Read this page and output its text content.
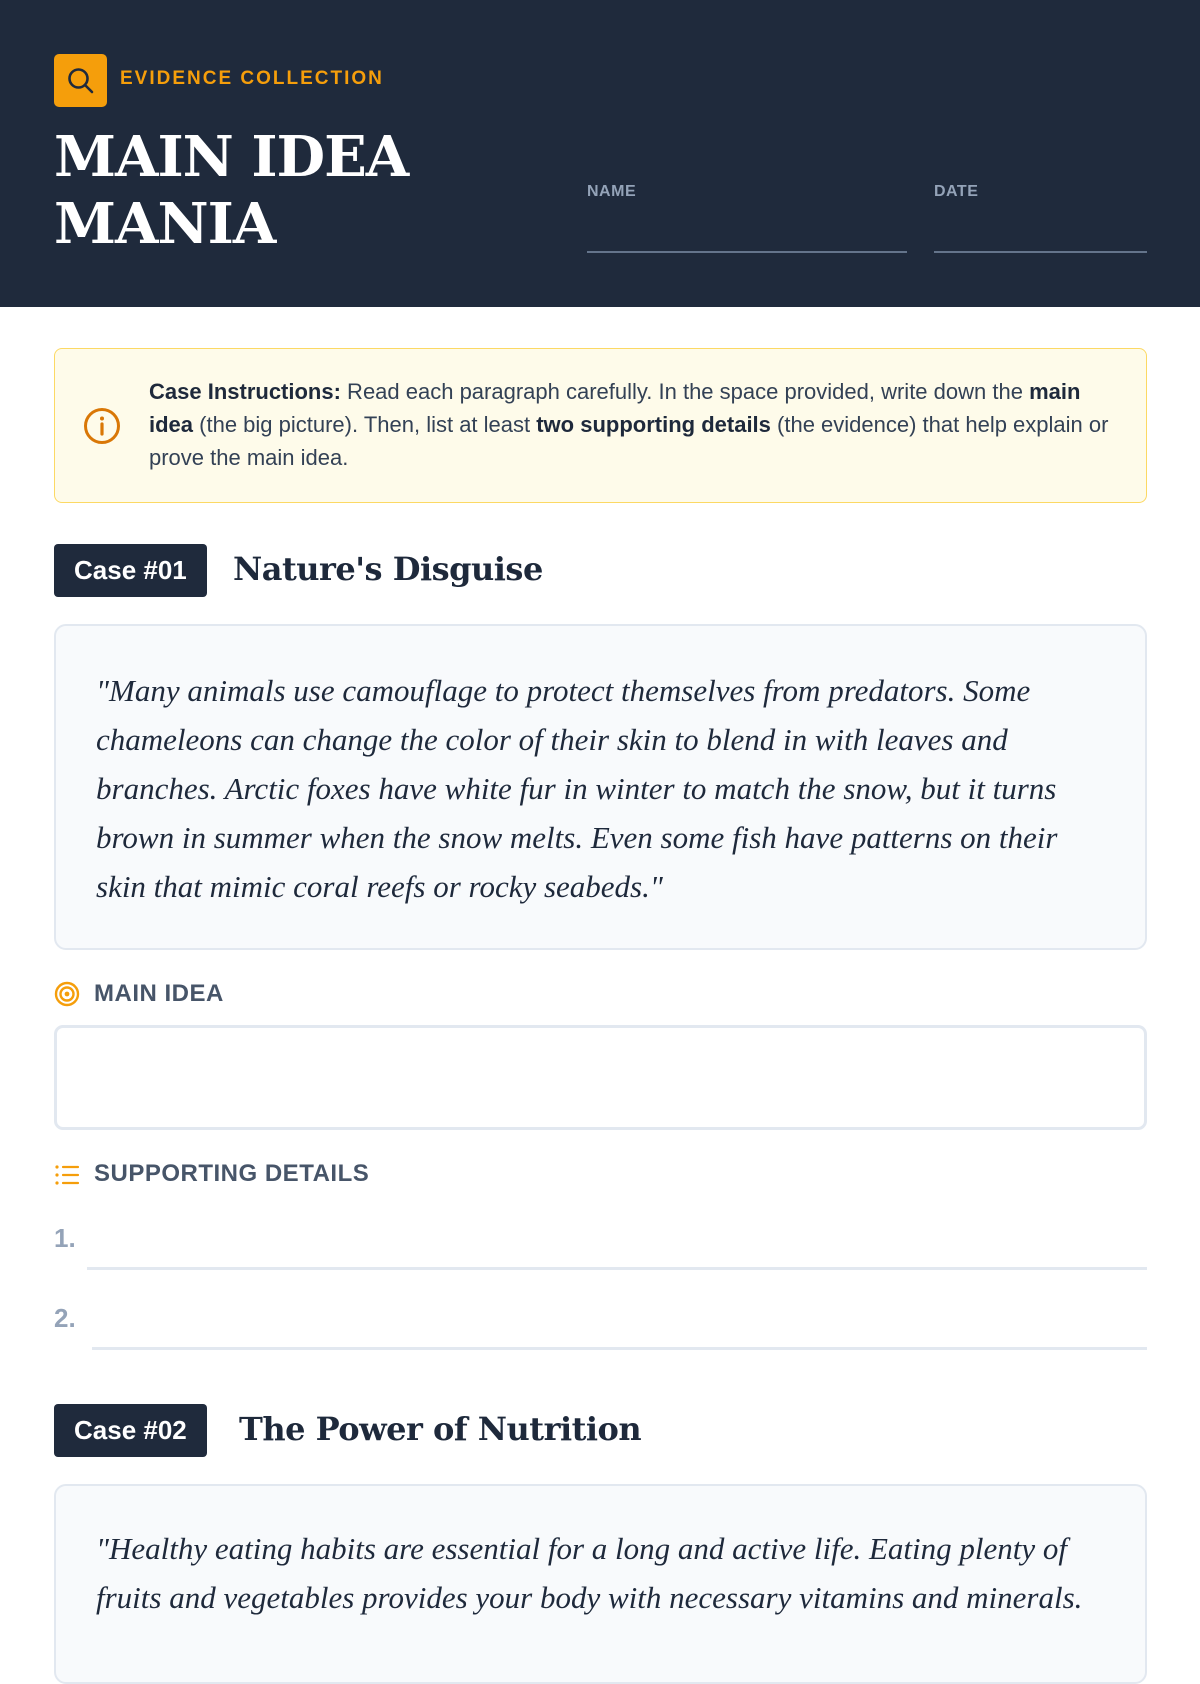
EVIDENCE COLLECTION
MAIN IDEA MANIA	NAME	DATE
Case Instructions: Read each paragraph carefully. In the space provided, write down the main idea (the big picture). Then, list at least two supporting details (the evidence) that help explain or prove the main idea.
Case #01	Nature's Disguise
"Many animals use camouflage to protect themselves from predators. Some chameleons can change the color of their skin to blend in with leaves and branches. Arctic foxes have white fur in winter to match the snow, but it turns brown in summer when the snow melts. Even some fish have patterns on their skin that mimic coral reefs or rocky seabeds."
MAIN IDEA
SUPPORTING DETAILS
1.
2.
Case #02	The Power of Nutrition
"Healthy eating habits are essential for a long and active life. Eating plenty of fruits and vegetables provides your body with necessary vitamins and minerals.
